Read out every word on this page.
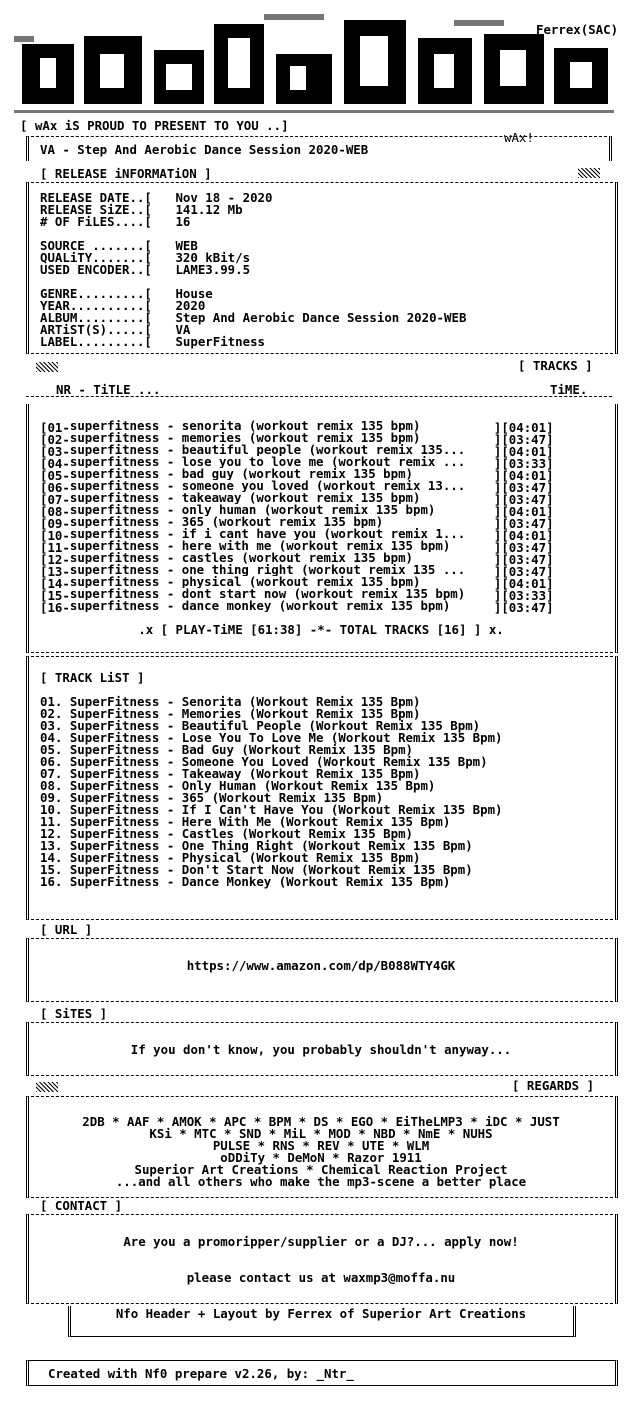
Ferrex(SAC)
wAx!
[ wAx iS PROUD TO PRESENT TO YOU ..]
VA - Step And Aerobic Dance Session 2020-WEB
[ RELEASE iNFORMATiON ]
RELEASE DATE..[ Nov 18 - 2020
RELEASE SiZE..[ 141.12 Mb
# OF FiLES....[ 16
SOURCE .......[ WEB
QUALiTY.......[ 320 kBit/s
USED ENCODER..[ LAME3.99.5
GENRE.........[ House
YEAR..........[ 2020
ALBUM.........[ Step And Aerobic Dance Session 2020-WEB
ARTiST(S).....[ VA
LABEL.........[ SuperFitness
[ TRACKS ]
NR - TiTLE ...	TiME.
[01-superfitness - senorita (workout remix 135 bpm)	][04:01]
[02-superfitness - memories (workout remix 135 bpm)	][03:47]
[03-superfitness - beautiful people (workout remix 135...][04:01]
[04-superfitness - lose you to love me (workout remix ...][03:33]
[05-superfitness - bad guy (workout remix 135 bpm)	][04:01]
[06-superfitness - someone you loved (workout remix 13...][03:47]
[07-superfitness - takeaway (workout remix 135 bpm)	][03:47]
[08-superfitness - only human (workout remix 135 bpm)	][04:01]
[09-superfitness - 365 (workout remix 135 bpm)	][03:47]
[10-superfitness - if i cant have you (workout remix 1...][04:01]
[11-superfitness - here with me (workout remix 135 bpm)	][03:47]
[12-superfitness - castles (workout remix 135 bpm)	][03:47]
[13-superfitness - one thing right (workout remix 135 ...][03:47]
[14-superfitness - physical (workout remix 135 bpm)	][04:01]
[15-superfitness - dont start now (workout remix 135 bpm)][03:33]
[16-superfitness - dance monkey (workout remix 135 bpm)	][03:47]
.x [ PLAY-TiME [61:38] -*- TOTAL TRACKS [16] ] x.
[ TRACK LiST ]
01. SuperFitness - Senorita (Workout Remix 135 Bpm)
02. SuperFitness - Memories (Workout Remix 135 Bpm)
03. SuperFitness - Beautiful People (Workout Remix 135 Bpm)
04. SuperFitness - Lose You To Love Me (Workout Remix 135 Bpm)
05. SuperFitness - Bad Guy (Workout Remix 135 Bpm)
06. SuperFitness - Someone You Loved (Workout Remix 135 Bpm)
07. SuperFitness - Takeaway (Workout Remix 135 Bpm)
08. SuperFitness - Only Human (Workout Remix 135 Bpm)
09. SuperFitness - 365 (Workout Remix 135 Bpm)
10. SuperFitness - If I Can't Have You (Workout Remix 135 Bpm)
11. SuperFitness - Here With Me (Workout Remix 135 Bpm)
12. SuperFitness - Castles (Workout Remix 135 Bpm)
13. SuperFitness - One Thing Right (Workout Remix 135 Bpm)
14. SuperFitness - Physical (Workout Remix 135 Bpm)
15. SuperFitness - Don't Start Now (Workout Remix 135 Bpm)
16. SuperFitness - Dance Monkey (Workout Remix 135 Bpm)
[ URL ]
https://www.amazon.com/dp/B088WTY4GK
[ SiTES ]
If you don't know, you probably shouldn't anyway...
[ REGARDS ]
2DB * AAF * AMOK * APC * BPM * DS * EGO * EiTheLMP3 * iDC * JUST
KSi * MTC * SND * MiL * MOD * NBD * NmE * NUHS
PULSE * RNS * REV * UTE * WLM
oDDiTy * DeMoN * Razor 1911
Superior Art Creations * Chemical Reaction Project
...and all others who make the mp3-scene a better place
[ CONTACT ]
Are you a promoripper/supplier or a DJ?... apply now!
please contact us at waxmp3@moffa.nu
Nfo Header + Layout by Ferrex of Superior Art Creations
Created with Nf0 prepare v2.26, by: _Ntr_
